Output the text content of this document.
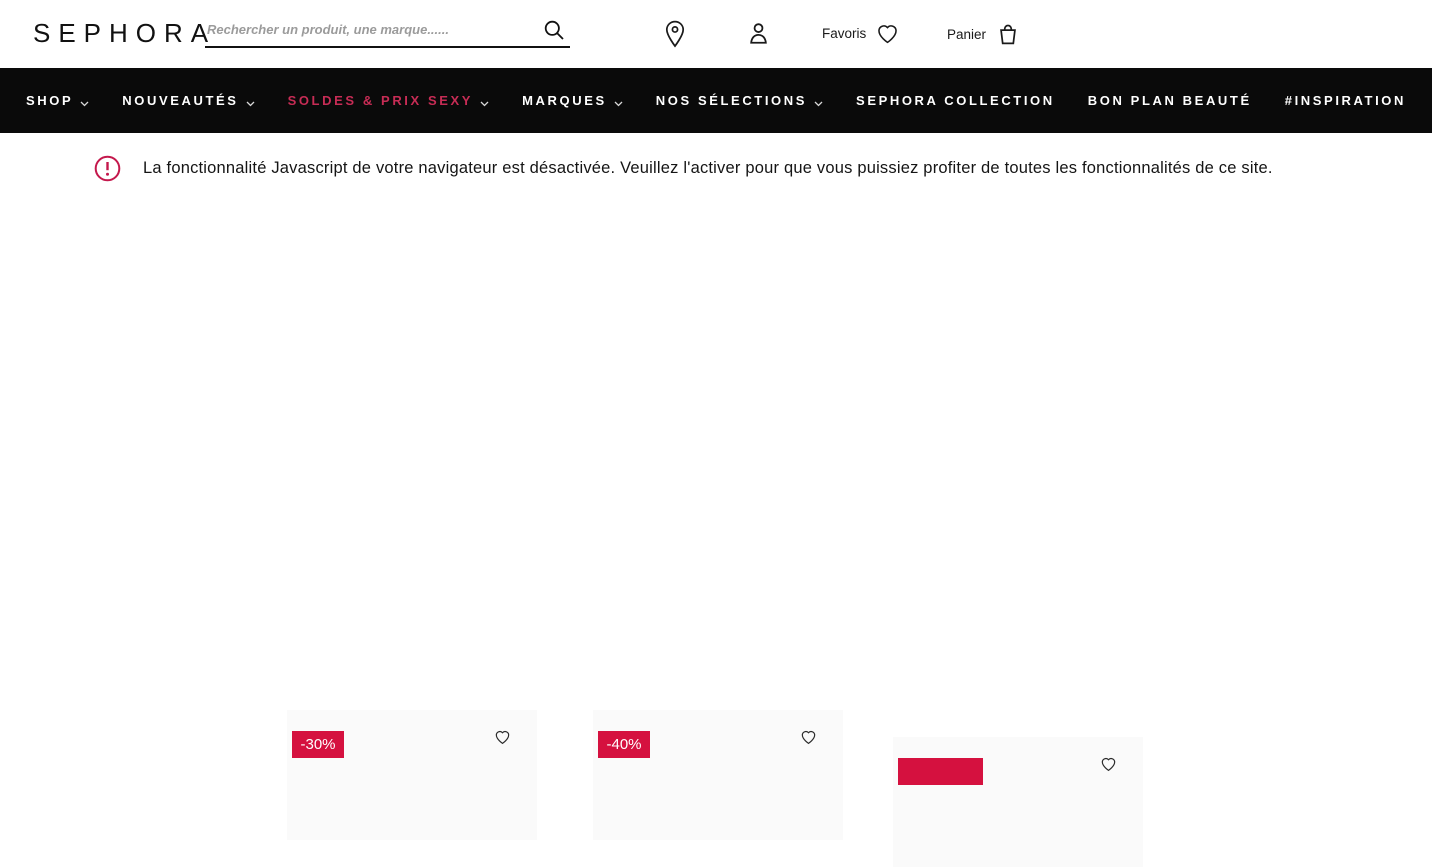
SEPHORA
Rechercher un produit, une marque......	Favoris	Panier
SHOP	NOUVEAUTÉS	SOLDES & PRIX SEXY	MARQUES	NOS SÉLECTIONS	SEPHORA COLLECTION	BON PLAN BEAUTÉ	#INSPIRATION
La fonctionnalité Javascript de votre navigateur est désactivée. Veuillez l'activer pour que vous puissiez profiter de toutes les fonctionnalités de ce site.
-30%	-40%
